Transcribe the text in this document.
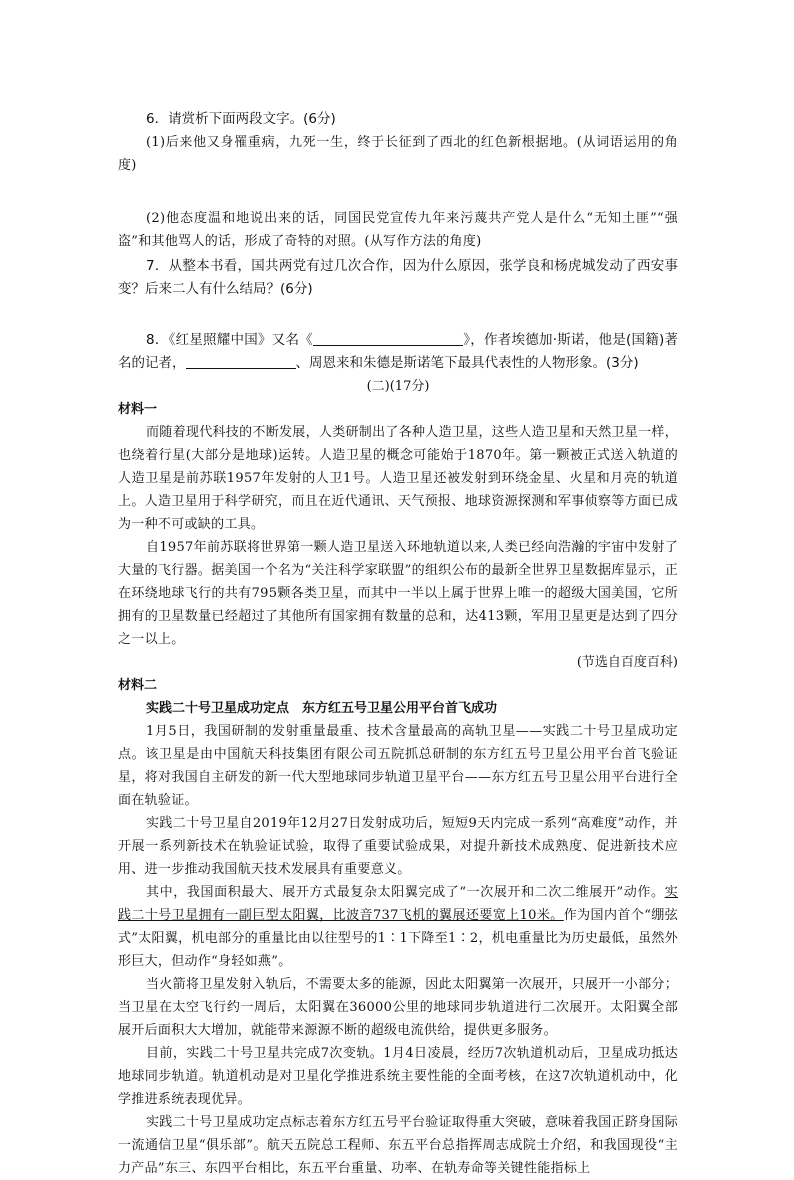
6．请赏析下面两段文字。(6分)

(1)后来他又身罹重病，九死一生，终于长征到了西北的红色新根据地。(从词语运用的角度)

(2)他态度温和地说出来的话，同国民党宣传九年来污蔑共产党人是什么“无知土匪”“强盗”和其他骂人的话，形成了奇特的对照。(从写作方法的角度)

7．从整本书看，国共两党有过几次合作，因为什么原因，张学良和杨虎城发动了西安事变？后来二人有什么结局？(6分)

8．《红星照耀中国》又名《	》，作者埃德加·斯诺，他是(国籍)著名的记者，	、周恩来和朱德是斯诺笔下最具代表性的人物形象。(3分)

(二)(17分)

材料一

而随着现代科技的不断发展，人类研制出了各种人造卫星，这些人造卫星和天然卫星一样，也绕着行星(大部分是地球)运转。人造卫星的概念可能始于1870年。第一颗被正式送入轨道的人造卫星是前苏联1957年发射的人卫1号。人造卫星还被发射到环绕金星、火星和月亮的轨道上。人造卫星用于科学研究，而且在近代通讯、天气预报、地球资源探测和军事侦察等方面已成为一种不可或缺的工具。

自1957年前苏联将世界第一颗人造卫星送入环地轨道以来,人类已经向浩瀚的宇宙中发射了大量的飞行器。据美国一个名为“关注科学家联盟”的组织公布的最新全世界卫星数据库显示，正在环绕地球飞行的共有795颗各类卫星，而其中一半以上属于世界上唯一的超级大国美国，它所拥有的卫星数量已经超过了其他所有国家拥有数量的总和，达413颗，军用卫星更是达到了四分之一以上。

(节选自百度百科)

材料二

实践二十号卫星成功定点　东方红五号卫星公用平台首飞成功

1月5日，我国研制的发射重量最重、技术含量最高的高轨卫星——实践二十号卫星成功定点。该卫星是由中国航天科技集团有限公司五院抓总研制的东方红五号卫星公用平台首飞验证星，将对我国自主研发的新一代大型地球同步轨道卫星平台——东方红五号卫星公用平台进行全面在轨验证。

实践二十号卫星自2019年12月27日发射成功后，短短9天内完成一系列“高难度”动作，并开展一系列新技术在轨验证试验，取得了重要试验成果，对提升新技术成熟度、促进新技术应用、进一步推动我国航天技术发展具有重要意义。

其中，我国面积最大、展开方式最复杂太阳翼完成了“一次展开和二次二维展开”动作。实践二十号卫星拥有一副巨型太阳翼，比波音737飞机的翼展还要宽上10米。作为国内首个“绷弦式”太阳翼，机电部分的重量比由以往型号的1∶1下降至1∶2，机电重量比为历史最低，虽然外形巨大，但动作“身轻如燕”。

当火箭将卫星发射入轨后，不需要太多的能源，因此太阳翼第一次展开，只展开一小部分；当卫星在太空飞行约一周后，太阳翼在36000公里的地球同步轨道进行二次展开。太阳翼全部展开后面积大大增加，就能带来源源不断的超级电流供给，提供更多服务。

目前，实践二十号卫星共完成7次变轨。1月4日凌晨，经历7次轨道机动后，卫星成功抵达地球同步轨道。轨道机动是对卫星化学推进系统主要性能的全面考核，在这7次轨道机动中，化学推进系统表现优异。

实践二十号卫星成功定点标志着东方红五号平台验证取得重大突破，意味着我国正跻身国际一流通信卫星“俱乐部”。航天五院总工程师、东五平台总指挥周志成院士介绍，和我国现役“主力产品”东三、东四平台相比，东五平台重量、功率、在轨寿命等关键性能指标上
